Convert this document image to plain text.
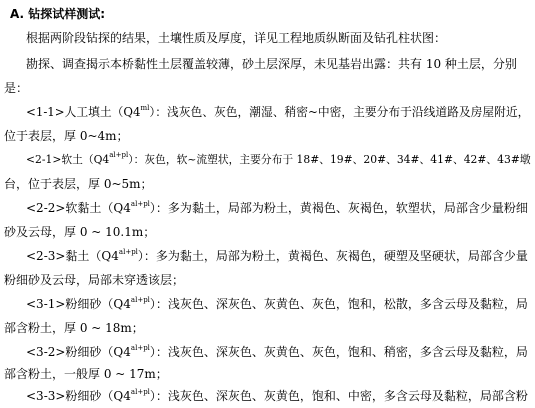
A. 钻探试样测试:
根据两阶段钻探的结果，土壤性质及厚度，详见工程地质纵断面及钻孔柱状图：
勘探、调查揭示本桥黏性土层覆盖较薄，砂土层深厚，未见基岩出露：共有 10 种土层，分别
是：
<1-1>人工填土$(Q4^{ml})$：浅灰色、灰色，潮湿、稍密~中密，主要分布于沿线道路及房屋附近，
位于表层，厚 0~4m；
<2-1>软土$(Q4^{al+pl})$：灰色，软~流塑状，主要分布于 18#、19#、20#、34#、41#、42#、43#墩
台，位于表层，厚 0~5m；
<2-2>软黏土$(Q4^{al+pl})$：多为黏土，局部为粉土，黄褐色、灰褐色，软塑状，局部含少量粉细
砂及云母，厚 0 ~ 10.1m；
<2-3>黏土$(Q4^{al+pl})$：多为黏土，局部为粉土，黄褐色、灰褐色，硬塑及坚硬状，局部含少量
粉细砂及云母，局部未穿透该层；
<3-1>粉细砂$(Q4^{al+pl})$：浅灰色、深灰色、灰黄色、灰色，饱和，松散，多含云母及黏粒，局
部含粉土，厚 0 ~ 18m；
<3-2>粉细砂$(Q4^{al+pl})$：浅灰色、深灰色、灰黄色、灰色，饱和、稍密，多含云母及黏粒，局
部含粉土，一般厚 0 ~ 17m；
<3-3>粉细砂$(Q4^{al+pl})$：浅灰色、深灰色、灰黄色，饱和、中密，多含云母及黏粒，局部含粉
